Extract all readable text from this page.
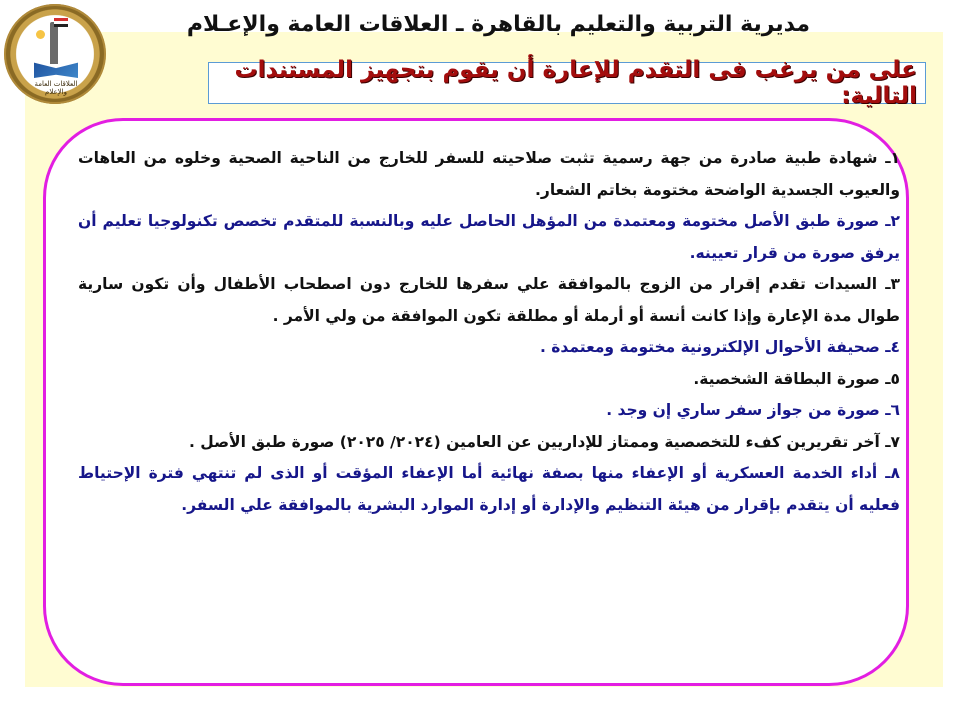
العلاقات العامة والإعلام
مديرية التربية والتعليم بالقاهرة ـ العلاقات العامة والإعـلام
على من يرغب فى التقدم للإعارة أن يقوم بتجهيز المستندات التالية:

١ـ شهادة طبية صادرة من جهة رسمية تثبت صلاحيته للسفر للخارج من الناحية الصحية وخلوه من العاهات والعيوب الجسدية الواضحة مختومة بخاتم الشعار.

٢ـ صورة طبق الأصل مختومة ومعتمدة من المؤهل الحاصل عليه وبالنسبة للمتقدم تخصص تكنولوجيا تعليم أن يرفق صورة من قرار تعيينه.

٣ـ السيدات تقدم إقرار من الزوج بالموافقة علي سفرها للخارج دون اصطحاب الأطفال وأن تكون سارية طوال مدة الإعارة وإذا كانت أنسة أو أرملة أو مطلقة تكون الموافقة من ولي الأمر .

٤ـ صحيفة الأحوال الإلكترونية مختومة ومعتمدة .

٥ـ صورة البطاقة الشخصية.

٦ـ صورة من جواز سفر ساري إن وجد .

٧ـ آخر تقريرين كفء للتخصصية وممتاز للإداريين عن العامين (٢٠٢٤/ ٢٠٢٥) صورة طبق الأصل .

٨ـ أداء الخدمة العسكرية أو الإعفاء منها بصفة نهائية أما الإعفاء المؤقت أو الذى لم تنتهي فترة الإحتياط فعليه أن يتقدم بإقرار من هيئة التنظيم والإدارة أو إدارة الموارد البشرية بالموافقة علي السفر.
